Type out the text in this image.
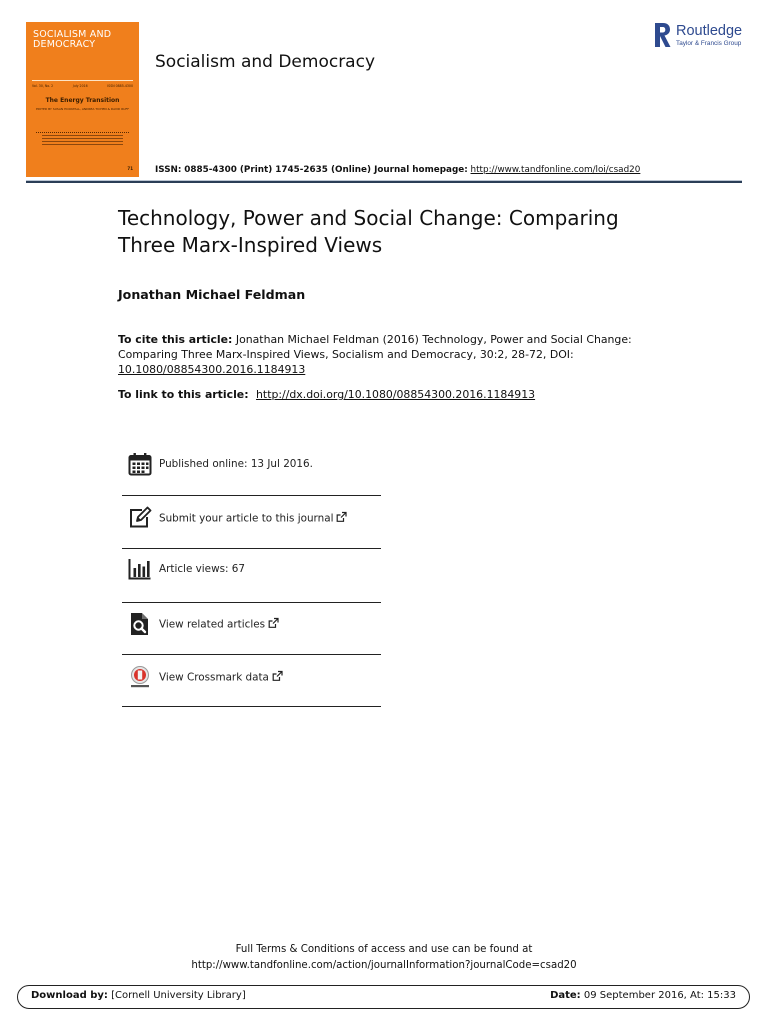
SOCIALISM AND
DEMOCRACY
Vol. 30, No. 2	July 2016	ISSN 0885-4300
The Energy Transition
EDITED BY SUSAN HOOKFALL, ANDREA TICHEN & DAVID RUFF

71
Socialism and Democracy
Routledge
Taylor & Francis Group
ISSN: 0885-4300 (Print) 1745-2635 (Online) Journal homepage: http://www.tandfonline.com/loi/csad20
Technology, Power and Social Change: Comparing Three Marx-Inspired Views
Jonathan Michael Feldman
To cite this article: Jonathan Michael Feldman (2016) Technology, Power and Social Change: Comparing Three Marx-Inspired Views, Socialism and Democracy, 30:2, 28-72, DOI: 10.1080/08854300.2016.1184913
To link to this article: http://dx.doi.org/10.1080/08854300.2016.1184913
Published online: 13 Jul 2016.
Submit your article to this journal
Article views: 67
View related articles
View Crossmark data
Full Terms & Conditions of access and use can be found at
http://www.tandfonline.com/action/journalInformation?journalCode=csad20
Download by: [Cornell University Library]	Date: 09 September 2016, At: 15:33
